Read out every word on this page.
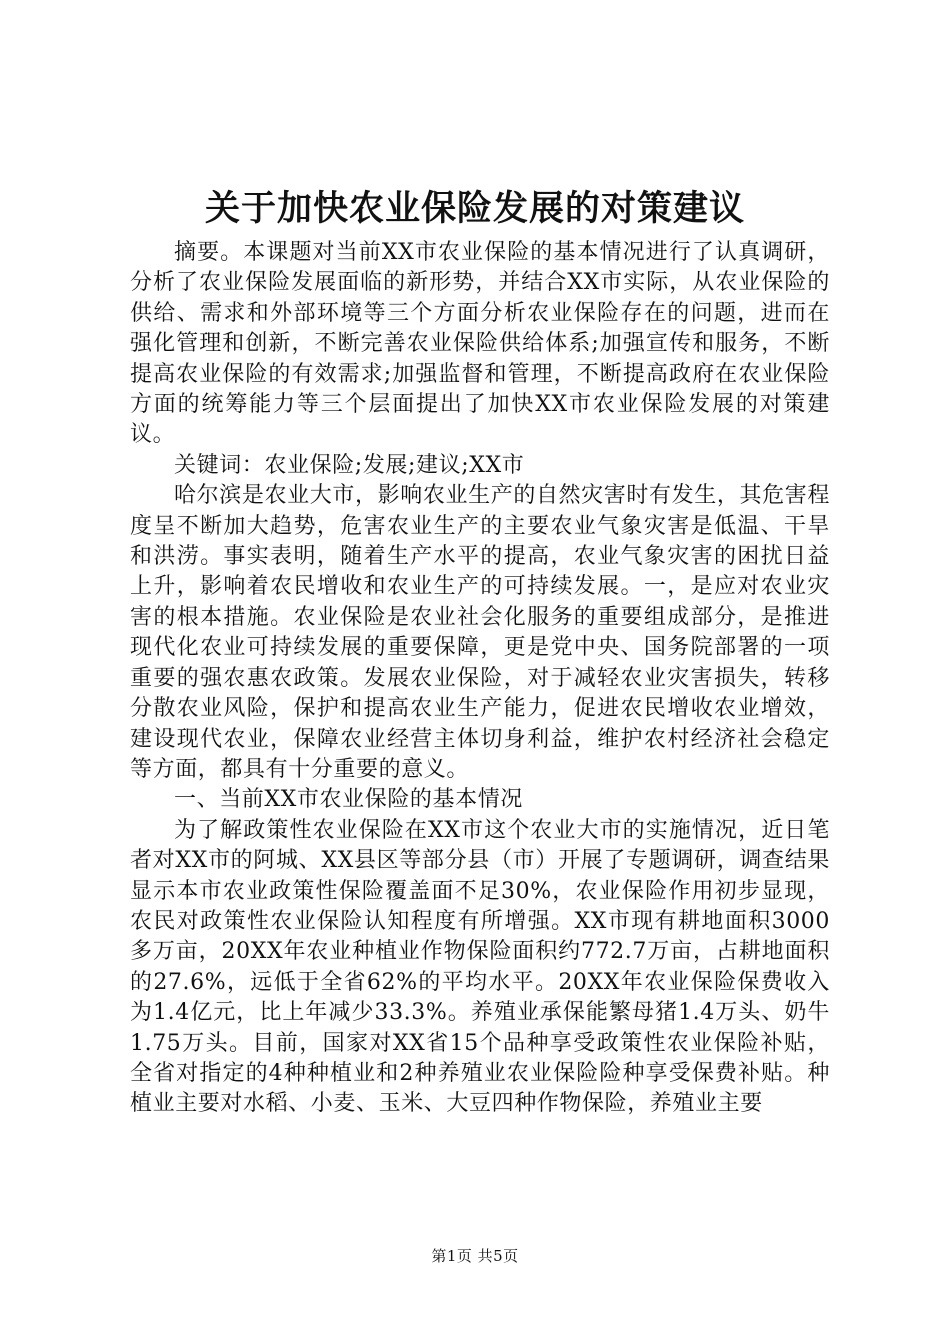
关于加快农业保险发展的对策建议

摘要。本课题对当前XX市农业保险的基本情况进行了认真调研，分析了农业保险发展面临的新形势，并结合XX市实际，从农业保险的供给、需求和外部环境等三个方面分析农业保险存在的问题，进而在强化管理和创新，不断完善农业保险供给体系;加强宣传和服务，不断提高农业保险的有效需求;加强监督和管理，不断提高政府在农业保险方面的统筹能力等三个层面提出了加快XX市农业保险发展的对策建议。

关键词：农业保险;发展;建议;XX市

哈尔滨是农业大市，影响农业生产的自然灾害时有发生，其危害程度呈不断加大趋势，危害农业生产的主要农业气象灾害是低温、干旱和洪涝。事实表明，随着生产水平的提高，农业气象灾害的困扰日益上升，影响着农民增收和农业生产的可持续发展。一，是应对农业灾害的根本措施。农业保险是农业社会化服务的重要组成部分，是推进现代化农业可持续发展的重要保障，更是党中央、国务院部署的一项重要的强农惠农政策。发展农业保险，对于减轻农业灾害损失，转移分散农业风险，保护和提高农业生产能力，促进农民增收农业增效，建设现代农业，保障农业经营主体切身利益，维护农村经济社会稳定等方面，都具有十分重要的意义。

一、当前XX市农业保险的基本情况

为了解政策性农业保险在XX市这个农业大市的实施情况，近日笔者对XX市的阿城、XX县区等部分县（市）开展了专题调研，调查结果显示本市农业政策性保险覆盖面不足30%，农业保险作用初步显现，农民对政策性农业保险认知程度有所增强。XX市现有耕地面积3000多万亩，20XX年农业种植业作物保险面积约772.7万亩，占耕地面积的27.6%，远低于全省62%的平均水平。20XX年农业保险保费收入为1.4亿元，比上年减少33.3%。养殖业承保能繁母猪1.4万头、奶牛1.75万头。目前，国家对XX省15个品种享受政策性农业保险补贴，全省对指定的4种种植业和2种养殖业农业保险险种享受保费补贴。种植业主要对水稻、小麦、玉米、大豆四种作物保险，养殖业主要

第1页 共5页
